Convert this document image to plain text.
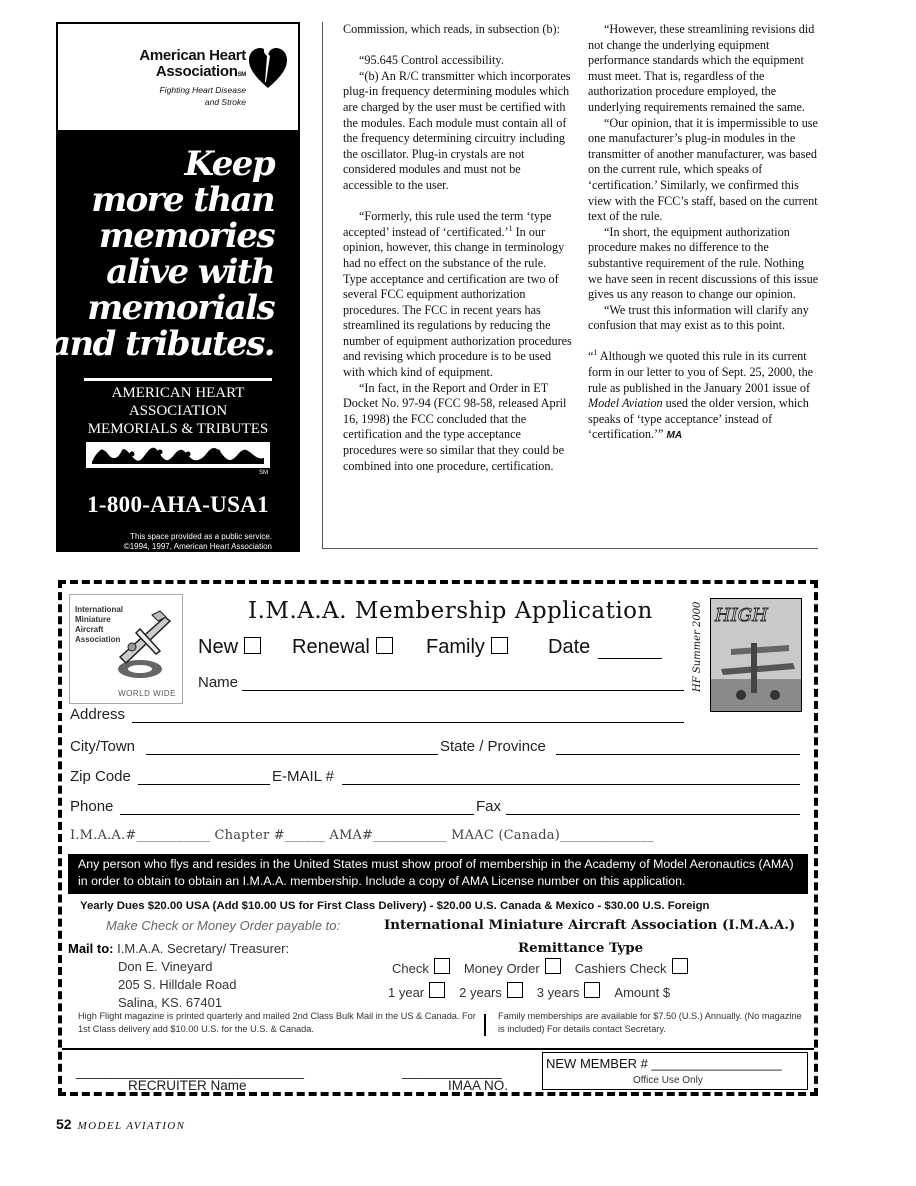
American Heart
AssociationSM
Fighting Heart Disease
and Stroke
Keep
more than
memories
alive with
memorials
and tributes.
AMERICAN HEART
ASSOCIATION
MEMORIALS & TRIBUTES
SM
1-800-AHA-USA1
This space provided as a public service.
©1994, 1997, American Heart Association
Commission, which reads, in subsection (b):
“95.645 Control accessibility.
“(b) An R/C transmitter which incorporates plug-in frequency determining modules which are charged by the user must be certified with the modules. Each module must contain all of the frequency determining circuitry including the oscillator. Plug-in crystals are not considered modules and must not be accessible to the user.
“Formerly, this rule used the term ‘type accepted’ instead of ‘certificated.’$^1$ In our opinion, however, this change in terminology had no effect on the substance of the rule. Type acceptance and certification are two of several FCC equipment authorization procedures. The FCC in recent years has streamlined its regulations by reducing the number of equipment authorization procedures and revising which procedure is to be used with which kind of equipment.
“In fact, in the Report and Order in ET Docket No. 97-94 (FCC 98-58, released April 16, 1998) the FCC concluded that the certification and the type acceptance procedures were so similar that they could be combined into one procedure, certification.
“However, these streamlining revisions did not change the underlying equipment performance standards which the equipment must meet. That is, regardless of the authorization procedure employed, the underlying requirements remained the same.
“Our opinion, that it is impermissible to use one manufacturer’s plug-in modules in the transmitter of another manufacturer, was based on the current rule, which speaks of ‘certification.’ Similarly, we confirmed this view with the FCC’s staff, based on the current text of the rule.
“In short, the equipment authorization procedure makes no difference to the substantive requirement of the rule. Nothing we have seen in recent discussions of this issue gives us any reason to change our opinion.
“We trust this information will clarify any confusion that may exist as to this point.
“$^1$ Although we quoted this rule in its current form in our letter to you of Sept. 25, 2000, the rule as published in the January 2001 issue of Model Aviation used the older version, which speaks of ‘type acceptance’ instead of ‘certification.’” MA
International
Miniature
Aircraft
Association
WORLD WIDE
I.M.A.A. Membership Application
New	Renewal	Family	Date
Name
Address
City/Town	State / Province
Zip Code	E-MAIL #
Phone	Fax
HIGH
HF Summer 2000
I.M.A.A.#___________ Chapter #______ AMA#___________ MAAC (Canada)______________
Any person who flys and resides in the United States must show proof of membership in the Academy of Model Aeronautics (AMA) in order to obtain to obtain an I.M.A.A. membership. Include a copy of AMA License number on this application.
Yearly Dues $20.00 USA (Add $10.00 US for First Class Delivery) - $20.00 U.S. Canada & Mexico - $30.00 U.S. Foreign
Make Check or Money Order payable to:	International Miniature Aircraft Association (I.M.A.A.)
Mail to: I.M.A.A. Secretary/ Treasurer:
Don E. Vineyard
205 S. Hilldale Road
Salina, KS. 67401
Remittance Type
Check	Money Order	Cashiers Check
1 year	2 years	3 years	Amount $
High Flight magazine is printed quarterly and mailed 2nd Class Bulk Mail in the US & Canada. For 1st Class delivery add $10.00 U.S. for the U.S. & Canada.
Family memberships are available for $7.50 (U.S.) Annually. (No magazine is included) For details contact Secretary.
________________________________
RECRUITER Name
______________
IMAA NO.
NEW MEMBER # __________________
Office Use Only
52 MODEL AVIATION
